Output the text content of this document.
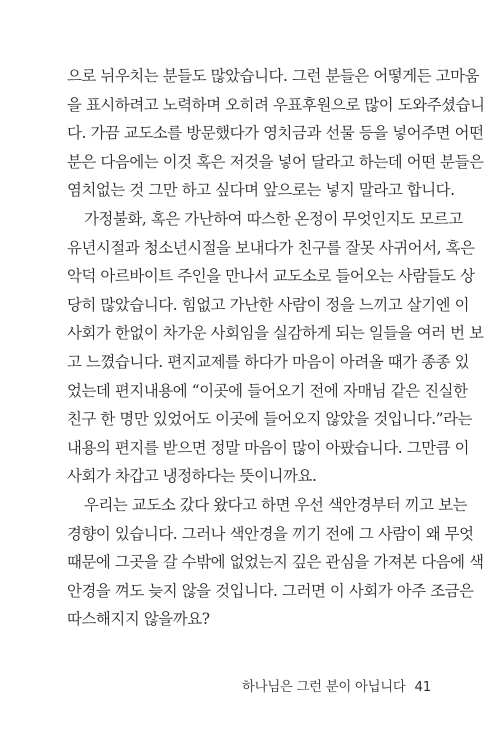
으로 뉘우치는 분들도 많았습니다. 그런 분들은 어떻게든 고마움
을 표시하려고 노력하며 오히려 우표후원으로 많이 도와주셨습니
다. 가끔 교도소를 방문했다가 영치금과 선물 등을 넣어주면 어떤
분은 다음에는 이것 혹은 저것을 넣어 달라고 하는데 어떤 분들은
염치없는 것 그만 하고 싶다며 앞으로는 넣지 말라고 합니다.
가정불화, 혹은 가난하여 따스한 온정이 무엇인지도 모르고
유년시절과 청소년시절을 보내다가 친구를 잘못 사귀어서, 혹은
악덕 아르바이트 주인을 만나서 교도소로 들어오는 사람들도 상
당히 많았습니다. 힘없고 가난한 사람이 정을 느끼고 살기엔 이
사회가 한없이 차가운 사회임을 실감하게 되는 일들을 여러 번 보
고 느꼈습니다. 편지교제를 하다가 마음이 아려올 때가 종종 있
었는데 편지내용에 “이곳에 들어오기 전에 자매님 같은 진실한
친구 한 명만 있었어도 이곳에 들어오지 않았을 것입니다.”라는
내용의 편지를 받으면 정말 마음이 많이 아팠습니다. 그만큼 이
사회가 차갑고 냉정하다는 뜻이니까요.
우리는 교도소 갔다 왔다고 하면 우선 색안경부터 끼고 보는
경향이 있습니다. 그러나 색안경을 끼기 전에 그 사람이 왜 무엇
때문에 그곳을 갈 수밖에 없었는지 깊은 관심을 가져본 다음에 색
안경을 껴도 늦지 않을 것입니다. 그러면 이 사회가 아주 조금은
따스해지지 않을까요?
하나님은 그런 분이 아닙니다 41
